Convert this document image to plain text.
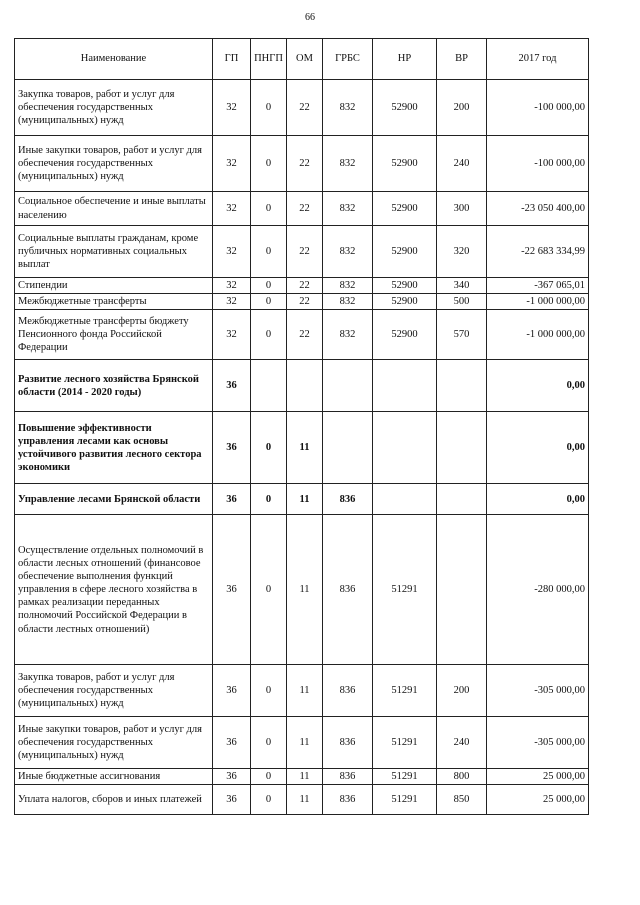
66
Наименование	ГП	ПНГП	ОМ	ГРБС	НР	ВР	2017 год
Закупка товаров, работ и услуг для обеспечения государственных (муниципальных) нужд	32	0	22	832	52900	200	-100 000,00
Иные закупки товаров, работ и услуг для обеспечения государственных (муниципальных) нужд	32	0	22	832	52900	240	-100 000,00
Социальное обеспечение и иные выплаты населению	32	0	22	832	52900	300	-23 050 400,00
Социальные выплаты гражданам, кроме публичных нормативных социальных выплат	32	0	22	832	52900	320	-22 683 334,99
Стипендии	32	0	22	832	52900	340	-367 065,01
Межбюджетные трансферты	32	0	22	832	52900	500	-1 000 000,00
Межбюджетные трансферты бюджету Пенсионного фонда Российской Федерации	32	0	22	832	52900	570	-1 000 000,00
Развитие лесного хозяйства Брянской области (2014 - 2020 годы)	36						0,00
Повышение эффективности управления лесами как основы устойчивого развития лесного сектора экономики	36	0	11				0,00
Управление лесами Брянской области	36	0	11	836			0,00
Осуществление отдельных полномочий в области лесных отношений (финансовое обеспечение выполнения функций управления в сфере лесного хозяйства в рамках реализации переданных полномочий Российской Федерации в области лестных отношений)	36	0	11	836	51291		-280 000,00
Закупка товаров, работ и услуг для обеспечения государственных (муниципальных) нужд	36	0	11	836	51291	200	-305 000,00
Иные закупки товаров, работ и услуг для обеспечения государственных (муниципальных) нужд	36	0	11	836	51291	240	-305 000,00
Иные бюджетные ассигнования	36	0	11	836	51291	800	25 000,00
Уплата налогов, сборов и иных платежей	36	0	11	836	51291	850	25 000,00
